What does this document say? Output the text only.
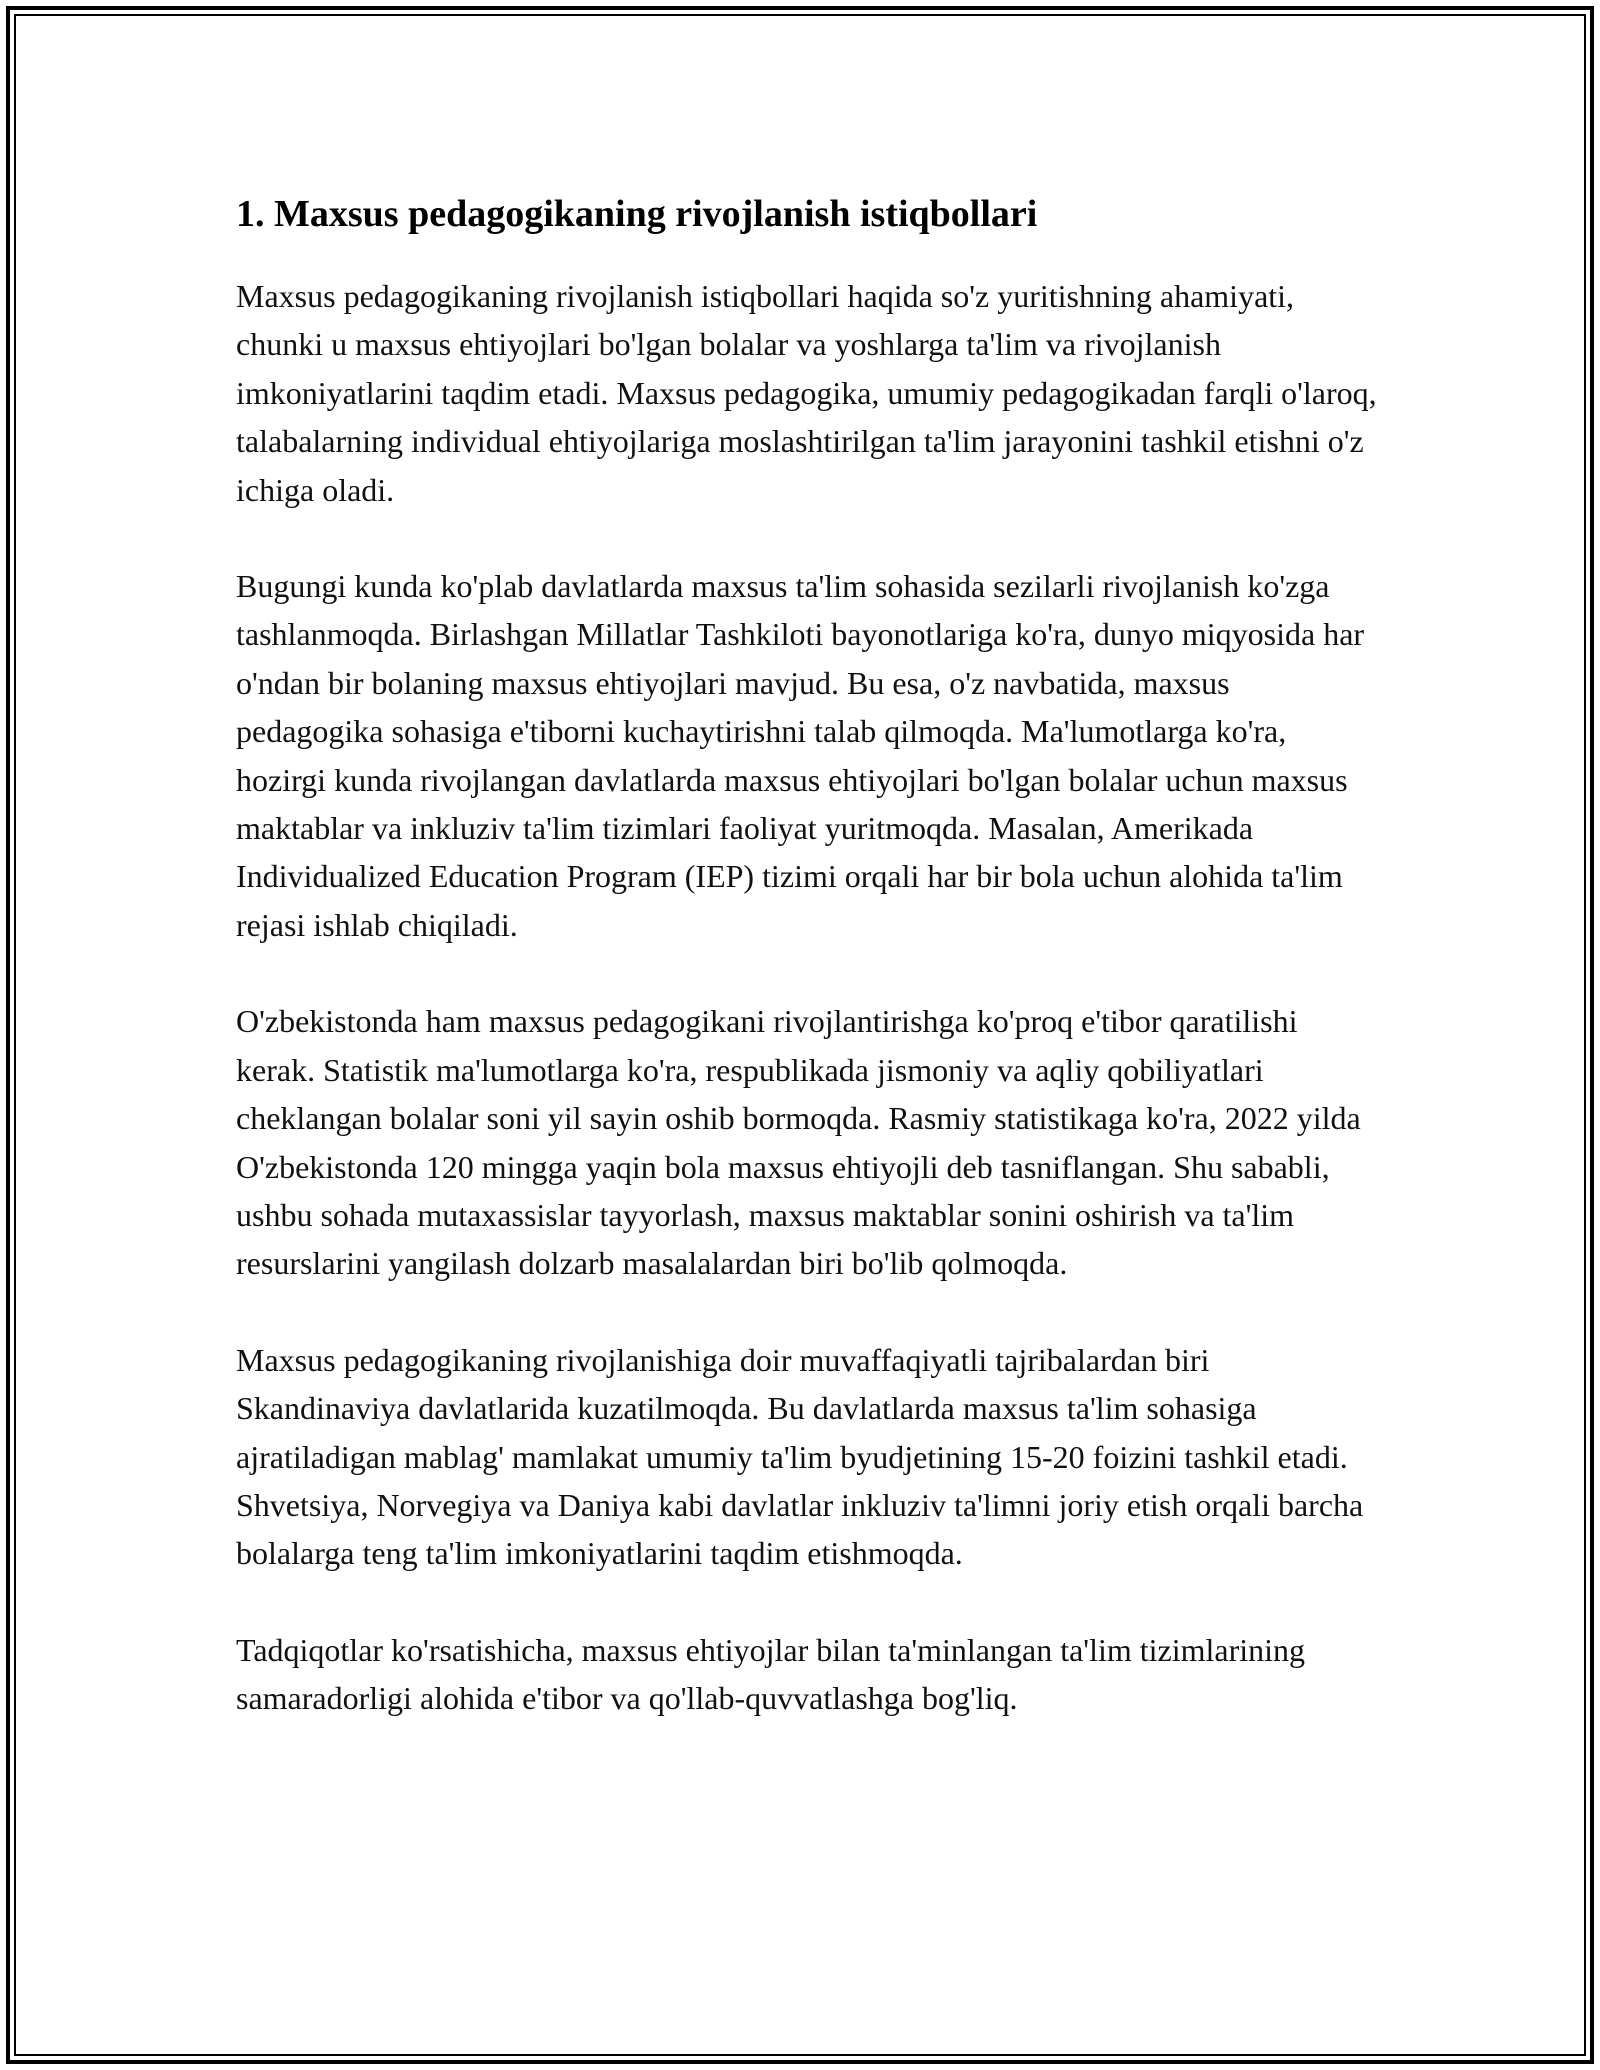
1. Maxsus pedagogikaning rivojlanish istiqbollari

Maxsus pedagogikaning rivojlanish istiqbollari haqida so'z yuritishning ahamiyati, chunki u maxsus ehtiyojlari bo'lgan bolalar va yoshlarga ta'lim va rivojlanish imkoniyatlarini taqdim etadi. Maxsus pedagogika, umumiy pedagogikadan farqli o'laroq, talabalarning individual ehtiyojlariga moslashtirilgan ta'lim jarayonini tashkil etishni o'z ichiga oladi.

Bugungi kunda ko'plab davlatlarda maxsus ta'lim sohasida sezilarli rivojlanish ko'zga tashlanmoqda. Birlashgan Millatlar Tashkiloti bayonotlariga ko'ra, dunyo miqyosida har o'ndan bir bolaning maxsus ehtiyojlari mavjud. Bu esa, o'z navbatida, maxsus pedagogika sohasiga e'tiborni kuchaytirishni talab qilmoqda. Ma'lumotlarga ko'ra, hozirgi kunda rivojlangan davlatlarda maxsus ehtiyojlari bo'lgan bolalar uchun maxsus maktablar va inkluziv ta'lim tizimlari faoliyat yuritmoqda. Masalan, Amerikada Individualized Education Program (IEP) tizimi orqali har bir bola uchun alohida ta'lim rejasi ishlab chiqiladi.

O'zbekistonda ham maxsus pedagogikani rivojlantirishga ko'proq e'tibor qaratilishi kerak. Statistik ma'lumotlarga ko'ra, respublikada jismoniy va aqliy qobiliyatlari cheklangan bolalar soni yil sayin oshib bormoqda. Rasmiy statistikaga ko'ra, 2022 yilda O'zbekistonda 120 mingga yaqin bola maxsus ehtiyojli deb tasniflangan. Shu sababli, ushbu sohada mutaxassislar tayyorlash, maxsus maktablar sonini oshirish va ta'lim resurslarini yangilash dolzarb masalalardan biri bo'lib qolmoqda.

Maxsus pedagogikaning rivojlanishiga doir muvaffaqiyatli tajribalardan biri Skandinaviya davlatlarida kuzatilmoqda. Bu davlatlarda maxsus ta'lim sohasiga ajratiladigan mablag' mamlakat umumiy ta'lim byudjetining 15-20 foizini tashkil etadi. Shvetsiya, Norvegiya va Daniya kabi davlatlar inkluziv ta'limni joriy etish orqali barcha bolalarga teng ta'lim imkoniyatlarini taqdim etishmoqda.

Tadqiqotlar ko'rsatishicha, maxsus ehtiyojlar bilan ta'minlangan ta'lim tizimlarining samaradorligi alohida e'tibor va qo'llab-quvvatlashga bog'liq.
